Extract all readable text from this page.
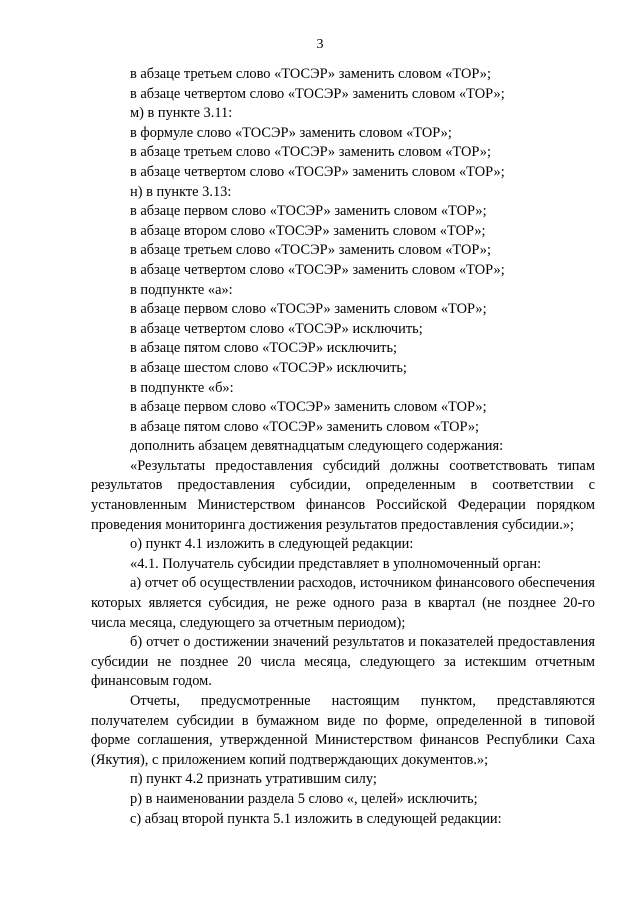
3

в абзаце третьем слово «ТОСЭР» заменить словом «ТОР»;

в абзаце четвертом слово «ТОСЭР» заменить словом «ТОР»;

м) в пункте 3.11:

в формуле слово «ТОСЭР» заменить словом «ТОР»;

в абзаце третьем слово «ТОСЭР» заменить словом «ТОР»;

в абзаце четвертом слово «ТОСЭР» заменить словом «ТОР»;

н) в пункте 3.13:

в абзаце первом слово «ТОСЭР» заменить словом «ТОР»;

в абзаце втором слово «ТОСЭР» заменить словом «ТОР»;

в абзаце третьем слово «ТОСЭР» заменить словом «ТОР»;

в абзаце четвертом слово «ТОСЭР» заменить словом «ТОР»;

в подпункте «а»:

в абзаце первом слово «ТОСЭР» заменить словом «ТОР»;

в абзаце четвертом слово «ТОСЭР» исключить;

в абзаце пятом слово «ТОСЭР» исключить;

в абзаце шестом слово «ТОСЭР» исключить;

в подпункте «б»:

в абзаце первом слово «ТОСЭР» заменить словом «ТОР»;

в абзаце пятом слово «ТОСЭР» заменить словом «ТОР»;

дополнить абзацем девятнадцатым следующего содержания:

«Результаты предоставления субсидий должны соответствовать типам результатов предоставления субсидии, определенным в соответствии с установленным Министерством финансов Российской Федерации порядком проведения мониторинга достижения результатов предоставления субсидии.»;

о) пункт 4.1 изложить в следующей редакции:

«4.1. Получатель субсидии представляет в уполномоченный орган:

а) отчет об осуществлении расходов, источником финансового обеспечения которых является субсидия, не реже одного раза в квартал (не позднее 20-го числа месяца, следующего за отчетным периодом);

б) отчет о достижении значений результатов и показателей предоставления субсидии не позднее 20 числа месяца, следующего за истекшим отчетным финансовым годом.

Отчеты, предусмотренные настоящим пунктом, представляются получателем субсидии в бумажном виде по форме, определенной в типовой форме соглашения, утвержденной Министерством финансов Республики Саха (Якутия), с приложением копий подтверждающих документов.»;

п) пункт 4.2 признать утратившим силу;

р) в наименовании раздела 5 слово «, целей» исключить;

с) абзац второй пункта 5.1 изложить в следующей редакции:
